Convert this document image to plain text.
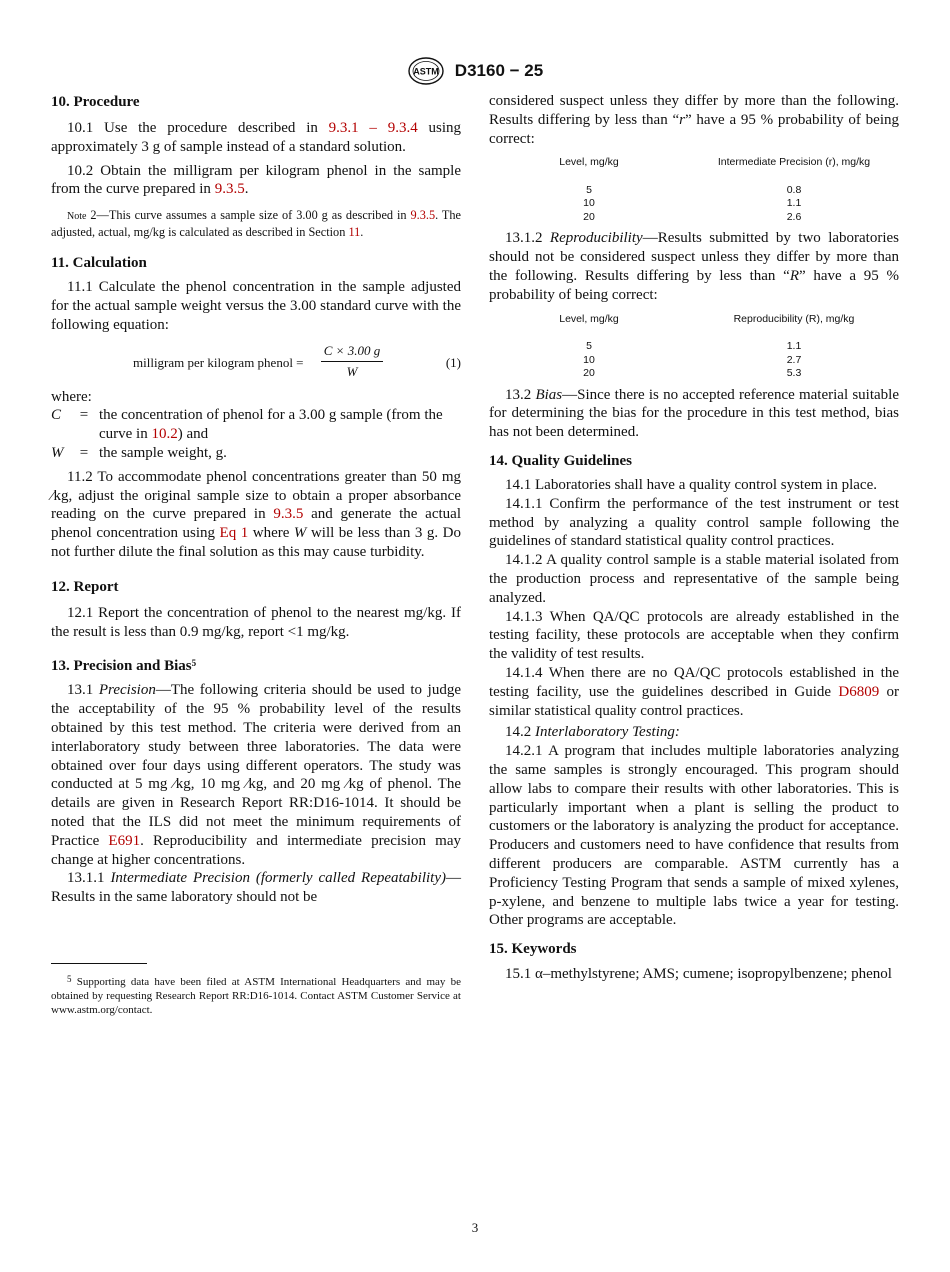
ASTM D3160 − 25
10. Procedure

10.1 Use the procedure described in 9.3.1 – 9.3.4 using approximately 3 g of sample instead of a standard solution.

10.2 Obtain the milligram per kilogram phenol in the sample from the curve prepared in 9.3.5.

Note 2—This curve assumes a sample size of 3.00 g as described in 9.3.5. The adjusted, actual, mg/kg is calculated as described in Section 11.

11. Calculation

11.1 Calculate the phenol concentration in the sample adjusted for the actual sample weight versus the 3.00 standard curve with the following equation:

milligram per kilogram phenol = $\frac{C \times 3.00 g}{W}$	(1)

where:

C	= the concentration of phenol for a 3.00 g sample (from the curve in 10.2) and
W	= the sample weight, g.

11.2 To accommodate phenol concentrations greater than 50 mg ⁄kg, adjust the original sample size to obtain a proper absorbance reading on the curve prepared in 9.3.5 and generate the actual phenol concentration using Eq 1 where W will be less than 3 g. Do not further dilute the final solution as this may cause turbidity.

12. Report

12.1 Report the concentration of phenol to the nearest mg/kg. If the result is less than 0.9 mg/kg, report <1 mg/kg.

13. Precision and Bias$^5$

13.1 Precision—The following criteria should be used to judge the acceptability of the 95 % probability level of the results obtained by this test method. The criteria were derived from an interlaboratory study between three laboratories. The data were obtained over four days using different operators. The study was conducted at 5 mg ⁄kg, 10 mg ⁄kg, and 20 mg ⁄kg of phenol. The details are given in Research Report RR:D16-1014. It should be noted that the ILS did not meet the minimum requirements of Practice E691. Reproducibility and intermediate precision may change at higher concentrations.

13.1.1 Intermediate Precision (formerly called Repeatability)—Results in the same laboratory should not be

$^5$ Supporting data have been filed at ASTM International Headquarters and may be obtained by requesting Research Report RR:D16-1014. Contact ASTM Customer Service at www.astm.org/contact.

considered suspect unless they differ by more than the following. Results differing by less than “r” have a 95 % probability of being correct:

Level, mg/kg	Intermediate Precision (r), mg/kg
5	0.8
10	1.1
20	2.6

13.1.2 Reproducibility—Results submitted by two laboratories should not be considered suspect unless they differ by more than the following. Results differing by less than “R” have a 95 % probability of being correct:

Level, mg/kg	Reproducibility (R), mg/kg
5	1.1
10	2.7
20	5.3

13.2 Bias—Since there is no accepted reference material suitable for determining the bias for the procedure in this test method, bias has not been determined.

14. Quality Guidelines

14.1 Laboratories shall have a quality control system in place.

14.1.1 Confirm the performance of the test instrument or test method by analyzing a quality control sample following the guidelines of standard statistical quality control practices.

14.1.2 A quality control sample is a stable material isolated from the production process and representative of the sample being analyzed.

14.1.3 When QA/QC protocols are already established in the testing facility, these protocols are acceptable when they confirm the validity of test results.

14.1.4 When there are no QA/QC protocols established in the testing facility, use the guidelines described in Guide D6809 or similar statistical quality control practices.

14.2 Interlaboratory Testing:

14.2.1 A program that includes multiple laboratories analyzing the same samples is strongly encouraged. This program should allow labs to compare their results with other laboratories. This is particularly important when a plant is selling the product to customers or the laboratory is analyzing the product for acceptance. Producers and customers need to have confidence that results from different producers are comparable. ASTM currently has a Proficiency Testing Program that sends a sample of mixed xylenes, p-xylene, and benzene to multiple labs twice a year for testing. Other programs are acceptable.

15. Keywords

15.1 α–methylstyrene; AMS; cumene; isopropylbenzene; phenol

3
